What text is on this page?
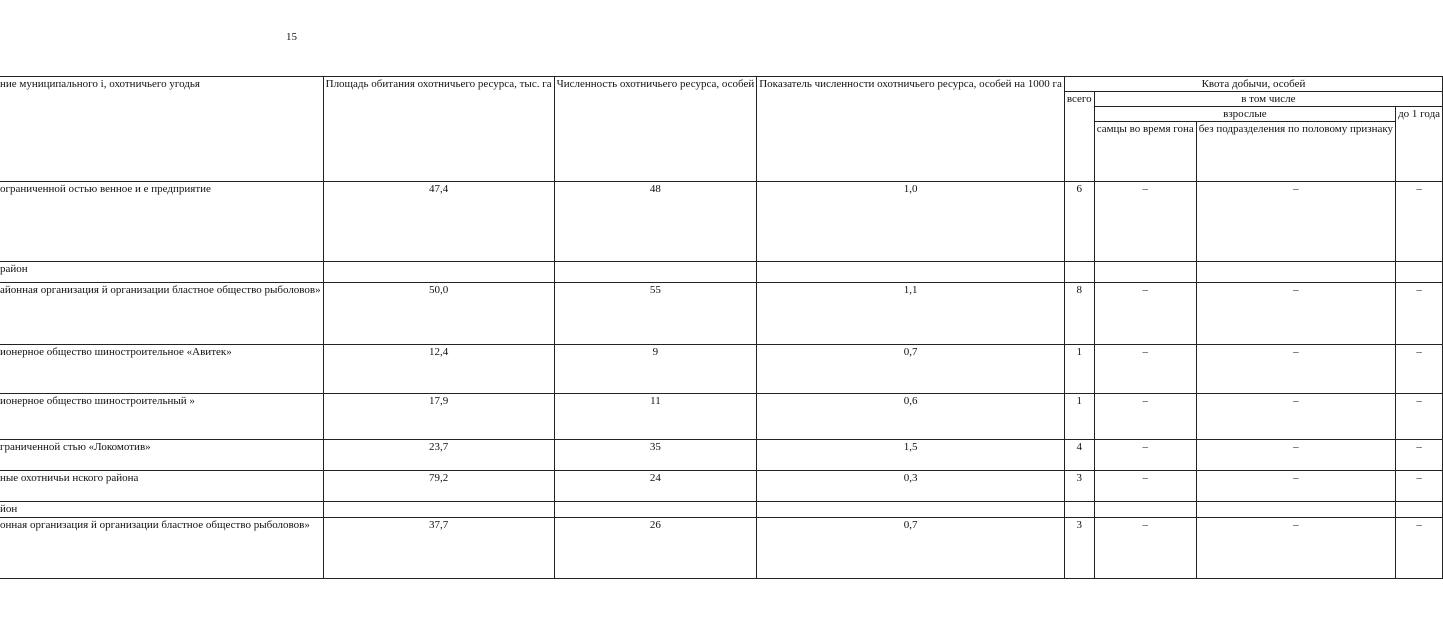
15
ние муниципального і, охотничьего угодья	Площадь обитания охотничьего ресурса, тыс. га	Численность охотничьего ресурса, особей	Показатель численности охотничьего ресурса, особей на 1000 га	Квота добычи, особей			
				всего	в том числе		
					взрослые		до 1 года
					самцы во время гона	без подразделения по половому признаку	
ограниченной остью венное и е предприятие	47,4	48	1,0	6	–	–	–
район							
айонная организация й организации бластное общество рыболовов»	50,0	55	1,1	8	–	–	–
ионерное общество шиностроительное «Авитек»	12,4	9	0,7	1	–	–	–
ионерное общество шиностроительный »	17,9	11	0,6	1	–	–	–
граниченной стью «Локомотив»	23,7	35	1,5	4	–	–	–
ные охотничьи нского района	79,2	24	0,3	3	–	–	–
йон							
онная организация й организации бластное общество рыболовов»	37,7	26	0,7	3	–	–	–
